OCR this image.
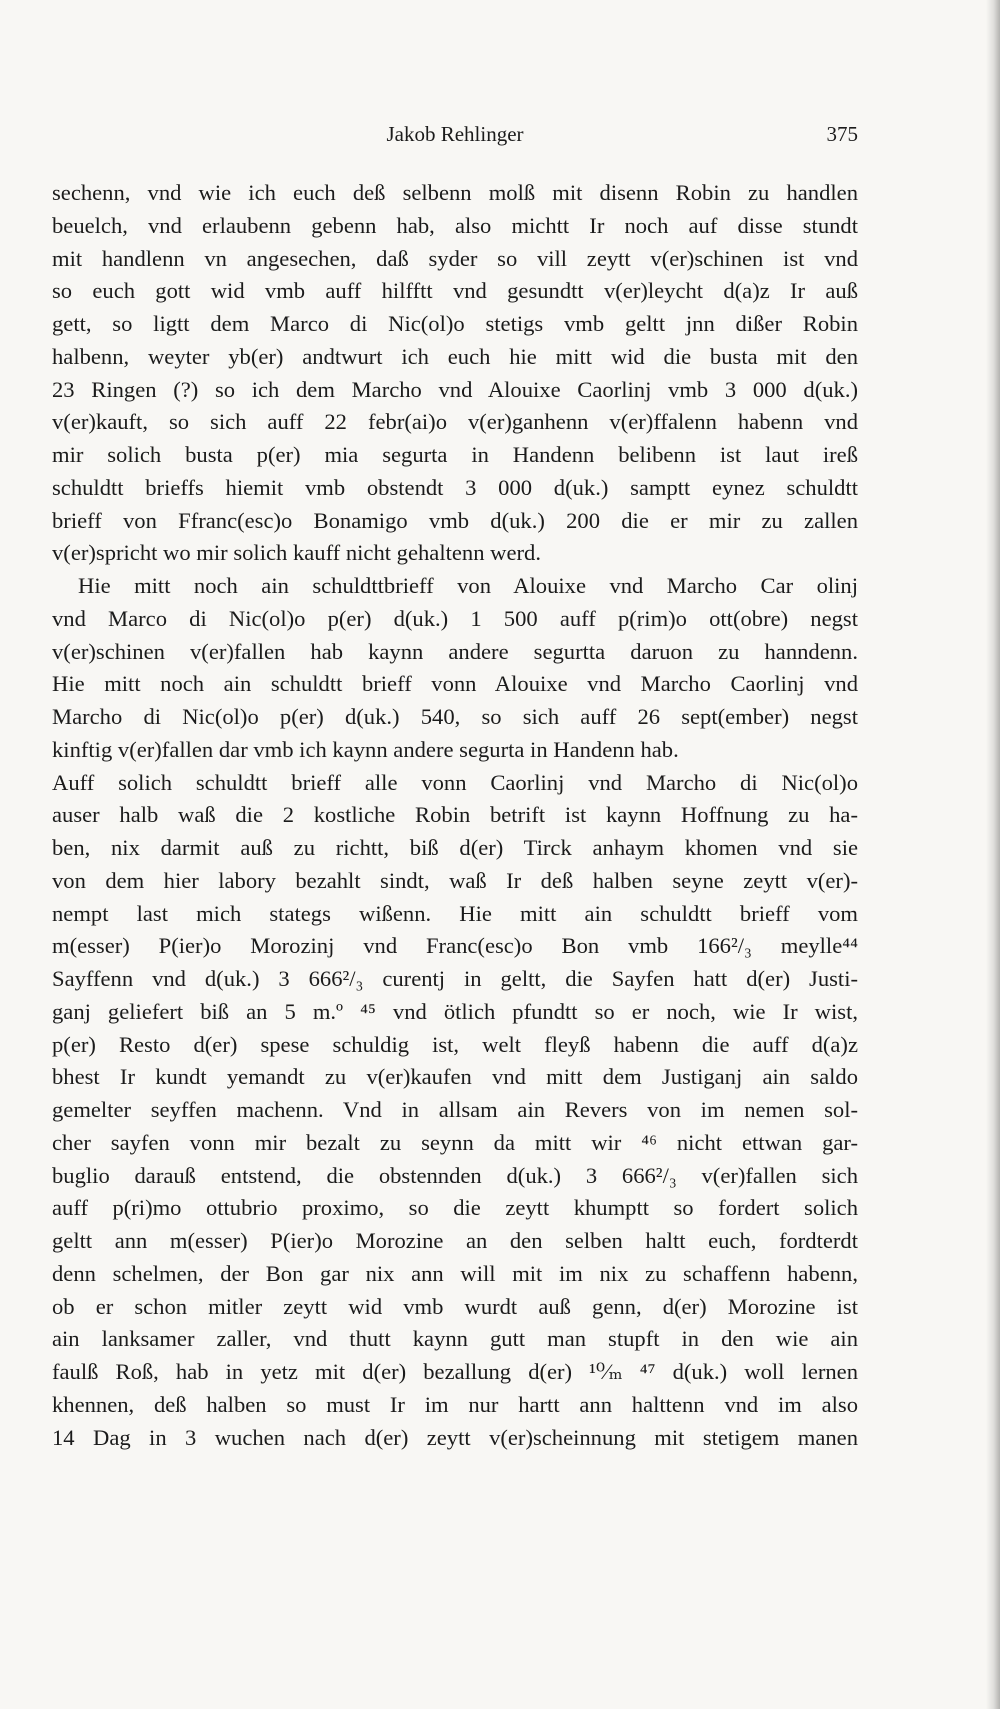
Jakob Rehlinger	375
sechenn, vnd wie ich euch deß selbenn molß mit disenn Robin zu handlen
beuelch, vnd erlaubenn gebenn hab, also michtt Ir noch auf disse stundt
mit handlenn vn angesechen, daß syder so vill zeytt v(er)schinen ist vnd
so euch gott wid vmb auff hilfftt vnd gesundtt v(er)leycht d(a)z Ir auß
gett, so ligtt dem Marco di Nic(ol)o stetigs vmb geltt jnn dißer Robin
halbenn, weyter yb(er) andtwurt ich euch hie mitt wid die busta mit den
23 Ringen (?) so ich dem Marcho vnd Alouixe Caorlinj vmb 3 000 d(uk.)
v(er)kauft, so sich auff 22 febr(ai)o v(er)ganhenn v(er)ffalenn habenn vnd
mir solich busta p(er) mia segurta in Handenn belibenn ist laut ireß
schuldtt brieffs hiemit vmb obstendt 3 000 d(uk.) samptt eynez schuldtt
brieff von Ffranc(esc)o Bonamigo vmb d(uk.) 200 die er mir zu zallen
v(er)spricht wo mir solich kauff nicht gehaltenn werd.
Hie mitt noch ain schuldttbrieff von Alouixe vnd Marcho Car olinj
vnd Marco di Nic(ol)o p(er) d(uk.) 1 500 auff p(rim)o ott(obre) negst
v(er)schinen v(er)fallen hab kaynn andere segurtta daruon zu hanndenn.
Hie mitt noch ain schuldtt brieff vonn Alouixe vnd Marcho Caorlinj vnd
Marcho di Nic(ol)o p(er) d(uk.) 540, so sich auff 26 sept(ember) negst
kinftig v(er)fallen dar vmb ich kaynn andere segurta in Handenn hab.
Auff solich schuldtt brieff alle vonn Caorlinj vnd Marcho di Nic(ol)o
auser halb waß die 2 kostliche Robin betrift ist kaynn Hoffnung zu ha-
ben, nix darmit auß zu richtt, biß d(er) Tirck anhaym khomen vnd sie
von dem hier labory bezahlt sindt, waß Ir deß halben seyne zeytt v(er)-
nempt last mich stategs wißenn. Hie mitt ain schuldtt brieff vom
m(esser) P(ier)o Morozinj vnd Franc(esc)o Bon vmb 166²/₃ meylle⁴⁴
Sayffenn vnd d(uk.) 3 666²/₃ curentj in geltt, die Sayfen hatt d(er) Justi-
ganj geliefert biß an 5 m.º ⁴⁵ vnd ötlich pfundtt so er noch, wie Ir wist,
p(er) Resto d(er) spese schuldig ist, welt fleyß habenn die auff d(a)z
bhest Ir kundt yemandt zu v(er)kaufen vnd mitt dem Justiganj ain saldo
gemelter seyffen machenn. Vnd in allsam ain Revers von im nemen sol-
cher sayfen vonn mir bezalt zu seynn da mitt wir ⁴⁶ nicht ettwan gar-
buglio darauß entstend, die obstennden d(uk.) 3 666²/₃ v(er)fallen sich
auff p(ri)mo ottubrio proximo, so die zeytt khumptt so fordert solich
geltt ann m(esser) P(ier)o Morozine an den selben haltt euch, fordterdt
denn schelmen, der Bon gar nix ann will mit im nix zu schaffenn habenn,
ob er schon mitler zeytt wid vmb wurdt auß genn, d(er) Morozine ist
ain lanksamer zaller, vnd thutt kaynn gutt man stupft in den wie ain
faulß Roß, hab in yetz mit d(er) bezallung d(er) ¹⁰⁄ₘ ⁴⁷ d(uk.) woll lernen
khennen, deß halben so must Ir im nur hartt ann halttenn vnd im also
14 Dag in 3 wuchen nach d(er) zeytt v(er)scheinnung mit stetigem manen
